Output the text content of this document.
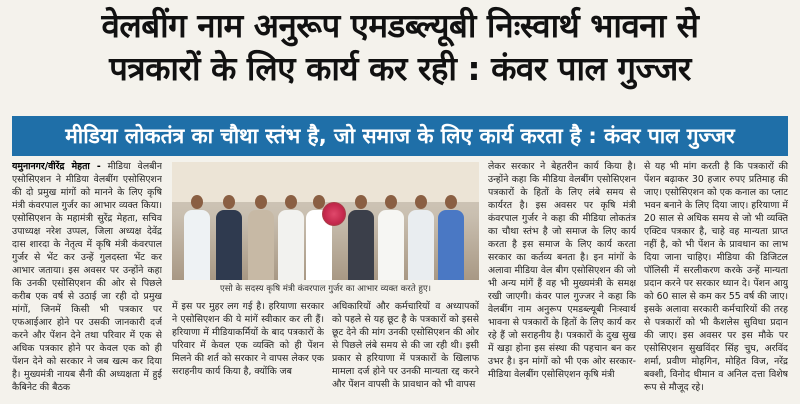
वेलबींग नाम अनुरूप एमडब्ल्यूबी निःस्वार्थ भावना से
पत्रकारों के लिए कार्य कर रही : कंवर पाल गुज्जर
मीडिया लोकतंत्र का चौथा स्तंभ है, जो समाज के लिए कार्य करता है : कंवर पाल गुज्जर

यमुनानगर/वीरेंद्र मेहता - मीडिया वेलबीन एसोसिएशन ने मीडिया वेलबींग एसोसिएशन की दो प्रमुख मांगों को मानने के लिए कृषि मंत्री कंवरपाल गुर्जर का आभार व्यक्त किया। एसोसिएशन के महामंत्री सुरेंद्र मेहता, सचिव उपाध्यक्ष नरेश उप्पल, जिला अध्यक्ष देवेंद्र दास शारदा के नेतृत्व में कृषि मंत्री कंवरपाल गुर्जर से भेंट कर उन्हें गुलदस्ता भेंट कर आभार जताया। इस अवसर पर उन्होंने कहा कि उनकी एसोसिएशन की ओर से पिछले करीब एक वर्ष से उठाई जा रही दो प्रमुख मांगों, जिनमें किसी भी पत्रकार पर एफआईआर होने पर उसकी जानकारी दर्ज करने और पेंशन देने तथा परिवार में एक से अधिक पत्रकार होने पर केवल एक को ही पेंशन देने को सरकार ने जब खत्म कर दिया है। मुख्यमंत्री नायब सैनी की अध्यक्षता में हुई कैबिनेट की बैठक

एसो के सदस्य कृषि मंत्री कंवरपाल गुर्जर का आभार व्यक्त करते हुए।

में इस पर मुहर लग गई है। हरियाणा सरकार ने एसोसिएशन की ये मांगें स्वीकार कर ली हैं। हरियाणा में मीडियाकर्मियों के बाद पत्रकारों के परिवार में केवल एक व्यक्ति को ही पेंशन मिलने की शर्त को सरकार ने वापस लेकर एक सराहनीय कार्य किया है, क्योंकि जब

अधिकारियों और कर्मचारियों व अध्यापकों को पहले से यह छूट है के पत्रकारों को इससे छूट देने की मांग उनकी एसोसिएशन की ओर से पिछले लंबे समय से की जा रही थी। इसी प्रकार से हरियाणा में पत्रकारों के खिलाफ मामला दर्ज होने पर उनकी मान्यता रद्द करने और पेंशन वापसी के प्रावधान को भी वापस

लेकर सरकार ने बेहतरीन कार्य किया है। उन्होंने कहा कि मीडिया वेलबींग एसोसिएशन पत्रकारों के हितों के लिए लंबे समय से कार्यरत है। इस अवसर पर कृषि मंत्री कंवरपाल गुर्जर ने कहा की मीडिया लोकतंत्र का चौथा स्तंभ है जो समाज के लिए कार्य करता है इस समाज के लिए कार्य करता सरकार का कर्तव्य बनता है। इन मांगों के अलावा मीडिया वेल बीग एसोसिएशन की जो भी अन्य मांगें हैं वह भी मुख्यमंत्री के समक्ष रखी जाएगी। कंवर पाल गुज्जर ने कहा कि वेलबींग नाम अनुरूप एमडब्ल्यूबी निःस्वार्थ भावना से पत्रकारों के हितों के लिए कार्य कर रहे हैं जो सराहनीय है। पत्रकारों के दुख सुख में खड़ा होना इस संस्था की पहचान बन कर उभर है। इन मांगों को भी एक ओर सरकार-मीडिया वेलबींग एसोसिएशन कृषि मंत्री

से यह भी मांग करती है कि पत्रकारों की पेंशन बढ़ाकर 30 हजार रुपए प्रतिमाह की जाए। एसोसिएशन को एक कनाल का प्लाट भवन बनाने के लिए दिया जाए। हरियाणा में 20 साल से अधिक समय से जो भी व्यक्ति एक्टिव पत्रकार है, चाहे वह मान्यता प्राप्त नहीं है, को भी पेंशन के प्रावधान का लाभ दिया जाना चाहिए। मीडिया की डिजिटल पॉलिसी में सरलीकरण करके उन्हें मान्यता प्रदान करने पर सरकार ध्यान दे। पेंशन आयु को 60 साल से कम कर 55 वर्ष की जाए। इसके अलावा सरकारी कर्मचारियों की तरह से पत्रकारों को भी कैशलेस सुविधा प्रदान की जाए। इस अवसर पर इस मौके पर एसोसिएशन सुखविंदर सिंह चुघ, अरविंद शर्मा, प्रवीण मोहगिन, मोहित विज, नरेंद्र बक्शी, विनोद धीमान व अनिल दत्ता विशेष रूप से मौजूद रहे।
